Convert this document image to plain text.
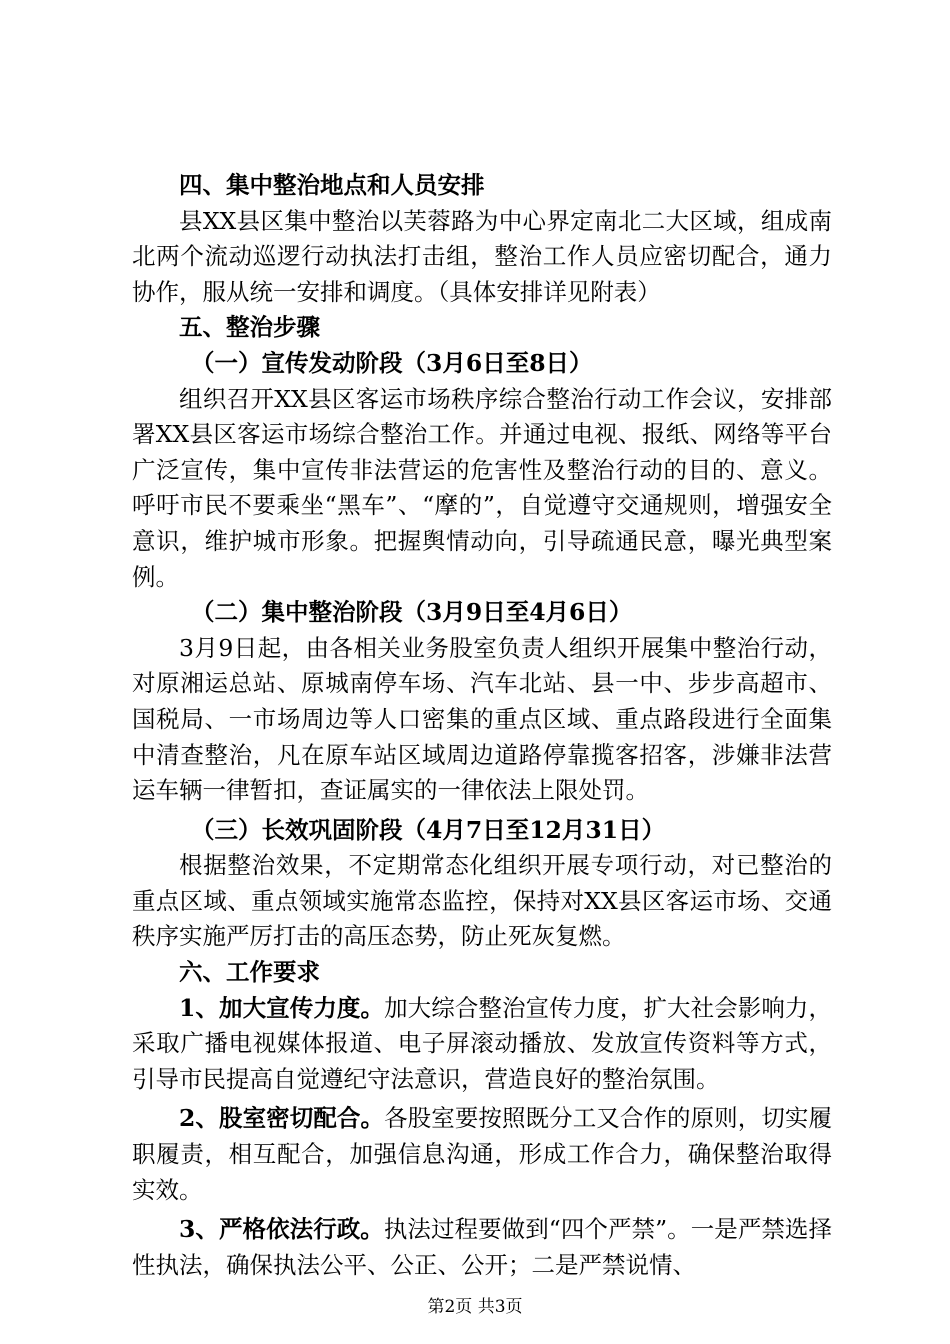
四、集中整治地点和人员安排

县XX县区集中整治以芙蓉路为中心界定南北二大区域，组成南北两个流动巡逻行动执法打击组，整治工作人员应密切配合，通力协作，服从统一安排和调度。（具体安排详见附表）

五、整治步骤

（一）宣传发动阶段（3月6日至8日）

组织召开XX县区客运市场秩序综合整治行动工作会议，安排部署XX县区客运市场综合整治工作。并通过电视、报纸、网络等平台广泛宣传，集中宣传非法营运的危害性及整治行动的目的、意义。呼吁市民不要乘坐“黑车”、“摩的”，自觉遵守交通规则，增强安全意识，维护城市形象。把握舆情动向，引导疏通民意，曝光典型案例。

（二）集中整治阶段（3月9日至4月6日）

3月9日起，由各相关业务股室负责人组织开展集中整治行动，对原湘运总站、原城南停车场、汽车北站、县一中、步步高超市、国税局、一市场周边等人口密集的重点区域、重点路段进行全面集中清查整治，凡在原车站区域周边道路停靠揽客招客，涉嫌非法营运车辆一律暂扣，查证属实的一律依法上限处罚。

（三）长效巩固阶段（4月7日至12月31日）

根据整治效果，不定期常态化组织开展专项行动，对已整治的重点区域、重点领域实施常态监控，保持对XX县区客运市场、交通秩序实施严厉打击的高压态势，防止死灰复燃。

六、工作要求

1、加大宣传力度。加大综合整治宣传力度，扩大社会影响力，采取广播电视媒体报道、电子屏滚动播放、发放宣传资料等方式，引导市民提高自觉遵纪守法意识，营造良好的整治氛围。

2、股室密切配合。各股室要按照既分工又合作的原则，切实履职履责，相互配合，加强信息沟通，形成工作合力，确保整治取得实效。

3、严格依法行政。执法过程要做到“四个严禁”。一是严禁选择性执法，确保执法公平、公正、公开；二是严禁说情、

第2页 共3页
